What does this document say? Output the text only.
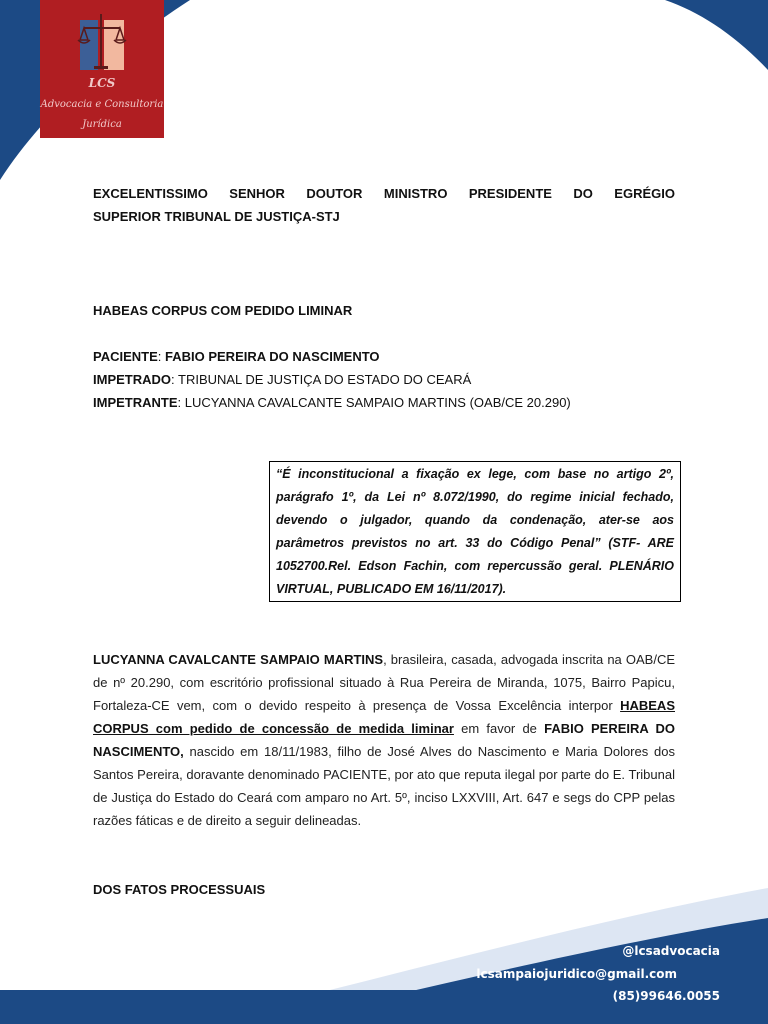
LCS
Advocacia e Consultoria
Jurídica
EXCELENTISSIMO SENHOR DOUTOR MINISTRO PRESIDENTE DO EGRÉGIO
SUPERIOR TRIBUNAL DE JUSTIÇA-STJ
HABEAS CORPUS COM PEDIDO LIMINAR
PACIENTE: FABIO PEREIRA DO NASCIMENTO
IMPETRADO: TRIBUNAL DE JUSTIÇA DO ESTADO DO CEARÁ
IMPETRANTE: LUCYANNA CAVALCANTE SAMPAIO MARTINS (OAB/CE 20.290)
“É inconstitucional a fixação ex lege, com base no artigo 2º, parágrafo 1º, da Lei nº 8.072/1990, do regime inicial fechado, devendo o julgador, quando da condenação, ater-se aos parâmetros previstos no art. 33 do Código Penal” (STF- ARE 1052700.Rel. Edson Fachin, com repercussão geral. PLENÁRIO VIRTUAL, PUBLICADO EM 16/11/2017).
LUCYANNA CAVALCANTE SAMPAIO MARTINS, brasileira, casada, advogada inscrita na OAB/CE de nº 20.290, com escritório profissional situado à Rua Pereira de Miranda, 1075, Bairro Papicu, Fortaleza-CE vem, com o devido respeito à presença de Vossa Excelência interpor HABEAS CORPUS com pedido de concessão de medida liminar em favor de FABIO PEREIRA DO NASCIMENTO, nascido em 18/11/1983, filho de José Alves do Nascimento e Maria Dolores dos Santos Pereira, doravante denominado PACIENTE, por ato que reputa ilegal por parte do E. Tribunal de Justiça do Estado do Ceará com amparo no Art. 5º, inciso LXXVIII, Art. 647 e segs do CPP pelas razões fáticas e de direito a seguir delineadas.
DOS FATOS PROCESSUAIS
@lcsadvocacia
lcsampaiojuridico@gmail.com
(85)99646.0055
